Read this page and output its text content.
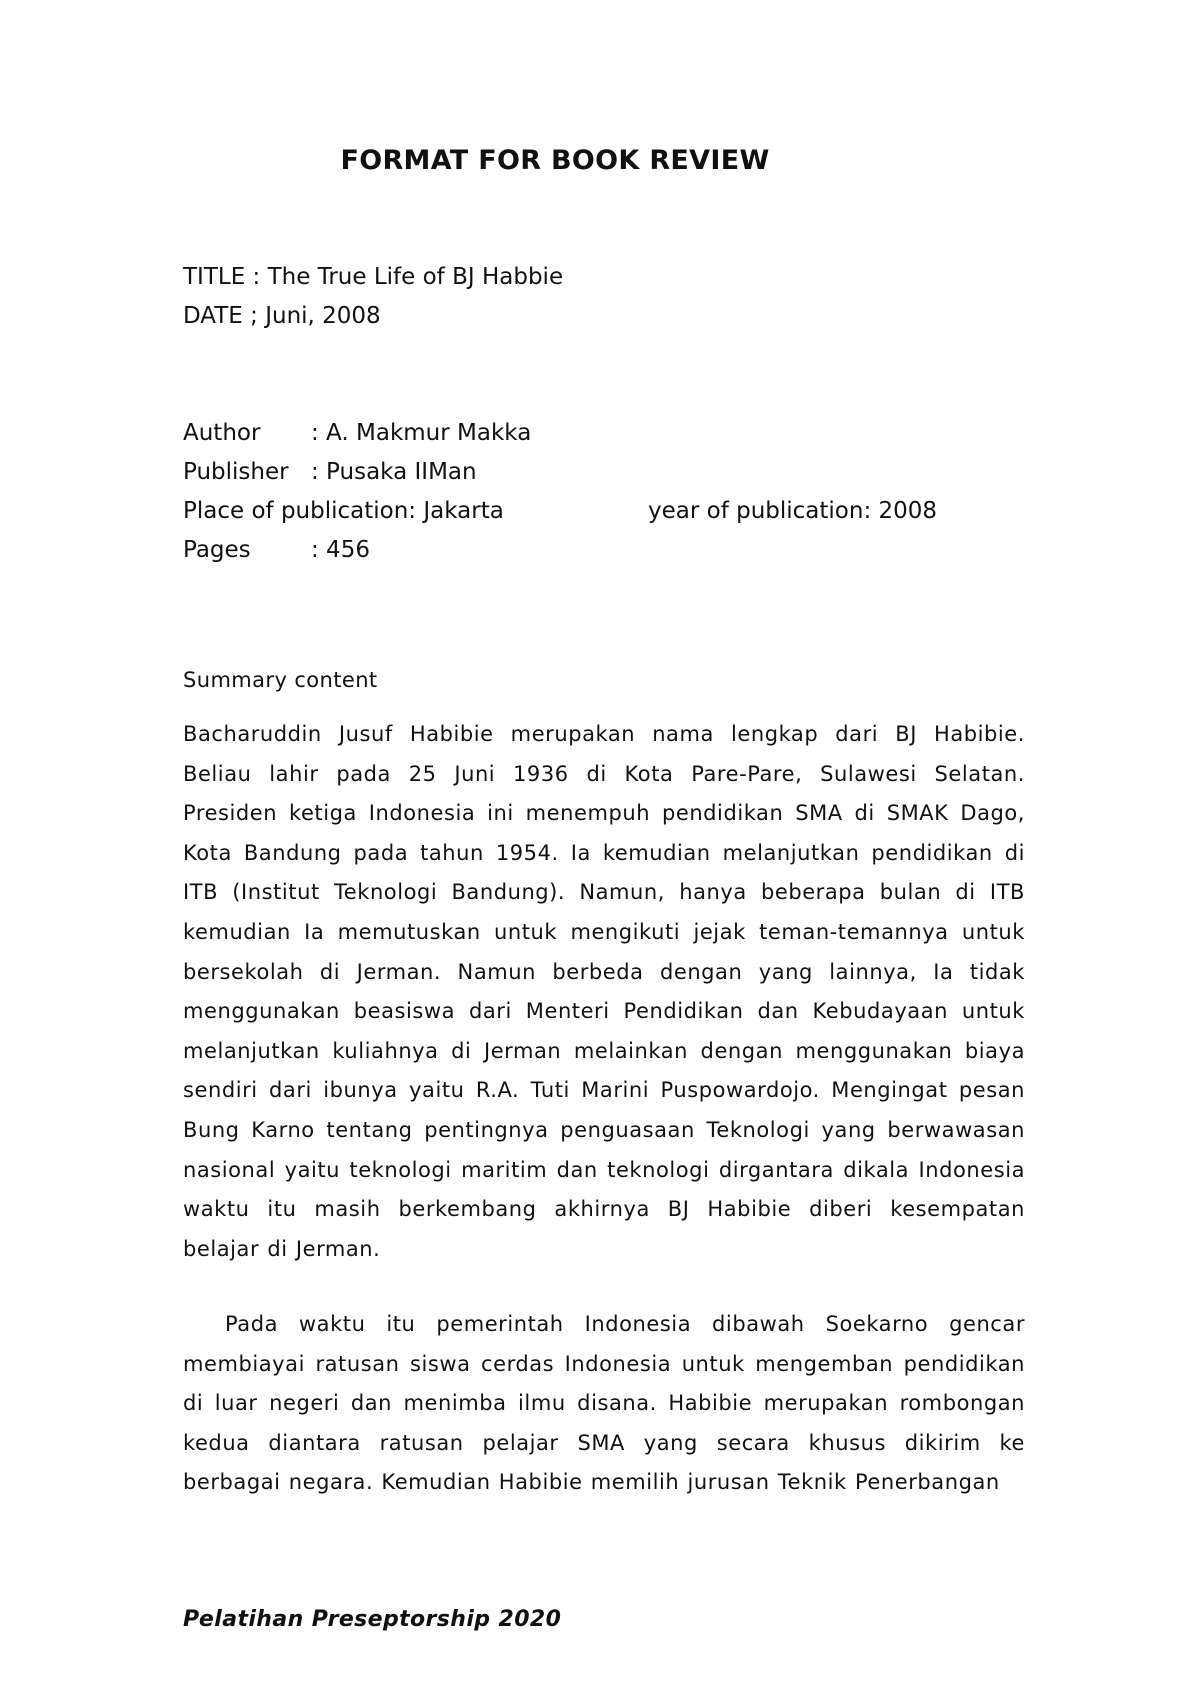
FORMAT FOR BOOK REVIEW
TITLE : The True Life of BJ Habbie
DATE ; Juni, 2008
Author : A. Makmur Makka
Publisher : Pusaka IIMan
Place of publication: Jakarta	year of publication: 2008
Pages	: 456
Summary content
Bacharuddin Jusuf Habibie merupakan nama lengkap dari BJ Habibie. Beliau lahir pada 25 Juni 1936 di Kota Pare-Pare, Sulawesi Selatan. Presiden ketiga Indonesia ini menempuh pendidikan SMA di SMAK Dago, Kota Bandung pada tahun 1954. Ia kemudian melanjutkan pendidikan di ITB (Institut Teknologi Bandung). Namun, hanya beberapa bulan di ITB kemudian Ia memutuskan untuk mengikuti jejak teman-temannya untuk bersekolah di Jerman. Namun berbeda dengan yang lainnya, Ia tidak menggunakan beasiswa dari Menteri Pendidikan dan Kebudayaan untuk melanjutkan kuliahnya di Jerman melainkan dengan menggunakan biaya sendiri dari ibunya yaitu R.A. Tuti Marini Puspowardojo. Mengingat pesan Bung Karno tentang pentingnya penguasaan Teknologi yang berwawasan nasional yaitu teknologi maritim dan teknologi dirgantara dikala Indonesia waktu itu masih berkembang akhirnya BJ Habibie diberi kesempatan belajar di Jerman.
Pada waktu itu pemerintah Indonesia dibawah Soekarno gencar membiayai ratusan siswa cerdas Indonesia untuk mengemban pendidikan di luar negeri dan menimba ilmu disana. Habibie merupakan rombongan kedua diantara ratusan pelajar SMA yang secara khusus dikirim ke berbagai negara. Kemudian Habibie memilih jurusan Teknik Penerbangan
Pelatihan Preseptorship 2020
